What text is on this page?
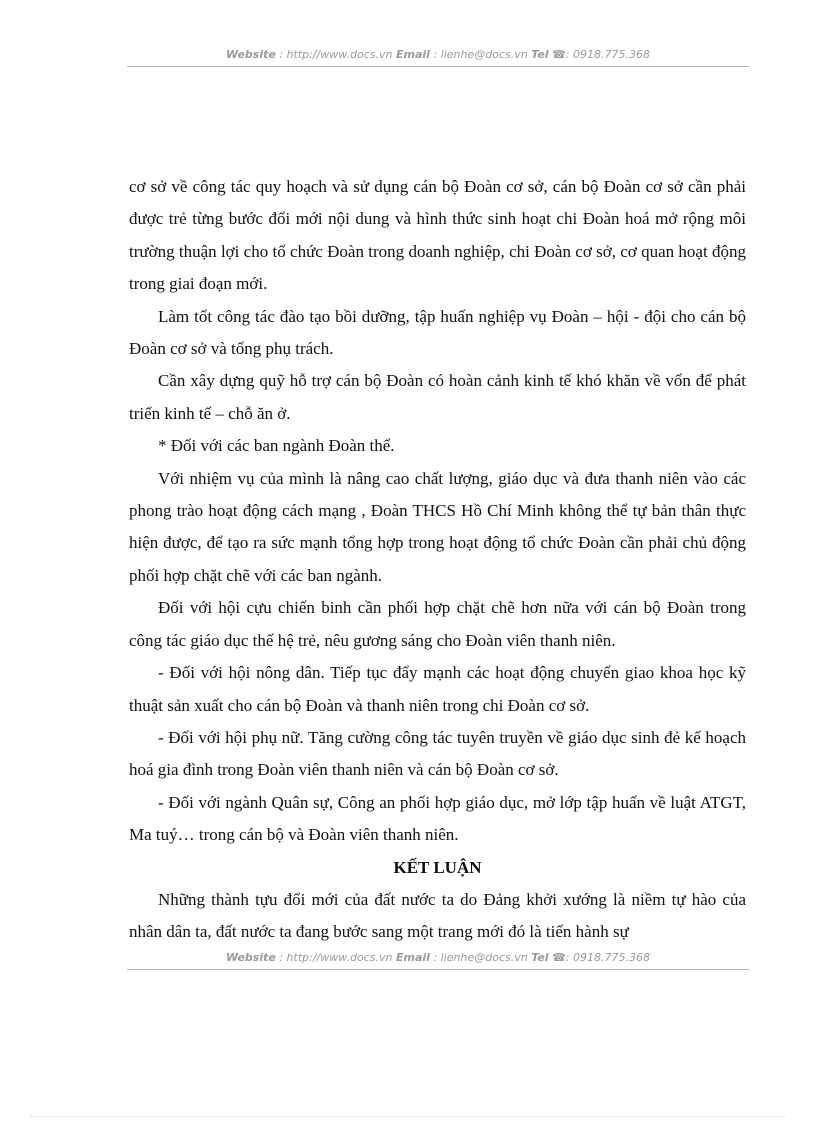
Website : http://www.docs.vn Email : lienhe@docs.vn Tel ☎: 0918.775.368

cơ sở về công tác quy hoạch và sử dụng cán bộ Đoàn cơ sở, cán bộ Đoàn cơ sở cần phải được trẻ từng bước đổi mới nội dung và hình thức sinh hoạt chi Đoàn hoá mở rộng môi trường thuận lợi cho tổ chức Đoàn trong doanh nghiệp, chi Đoàn cơ sở, cơ quan hoạt động trong giai đoạn mới.

Làm tốt công tác đào tạo bồi dưỡng, tập huấn nghiệp vụ Đoàn – hội - đội cho cán bộ Đoàn cơ sở và tổng phụ trách.

Cần xây dựng quỹ hỗ trợ cán bộ Đoàn có hoàn cảnh kinh tế khó khăn về vốn để phát triển kinh tế – chỗ ăn ở.

* Đối với các ban ngành Đoàn thể.

Với nhiệm vụ của mình là nâng cao chất lượng, giáo dục và đưa thanh niên vào các phong trào hoạt động cách mạng , Đoàn THCS Hồ Chí Minh không thể tự bản thân thực hiện được, để tạo ra sức mạnh tổng hợp trong hoạt động tổ chức Đoàn cần phải chủ động phối hợp chặt chẽ với các ban ngành.

Đối với hội cựu chiến binh cần phối hợp chặt chẽ hơn nữa với cán bộ Đoàn trong công tác giáo dục thế hệ trẻ, nêu gương sáng cho Đoàn viên thanh niên.

- Đối với hội nông dân. Tiếp tục đẩy mạnh các hoạt động chuyển giao khoa học kỹ thuật sản xuất cho cán bộ Đoàn và thanh niên trong chi Đoàn cơ sở.

- Đối với hội phụ nữ. Tăng cường công tác tuyên truyền về giáo dục sinh đẻ kế hoạch hoá gia đình trong Đoàn viên thanh niên và cán bộ Đoàn cơ sở.

- Đối với ngành Quân sự, Công an phối hợp giáo dục, mở lớp tập huấn về luật ATGT, Ma tuý… trong cán bộ và Đoàn viên thanh niên.

KẾT LUẬN

Những thành tựu đổi mới của đất nước ta do Đảng khởi xướng là niềm tự hào của nhân dân ta, đất nước ta đang bước sang một trang mới đó là tiến hành sự

Website : http://www.docs.vn Email : lienhe@docs.vn Tel ☎: 0918.775.368
